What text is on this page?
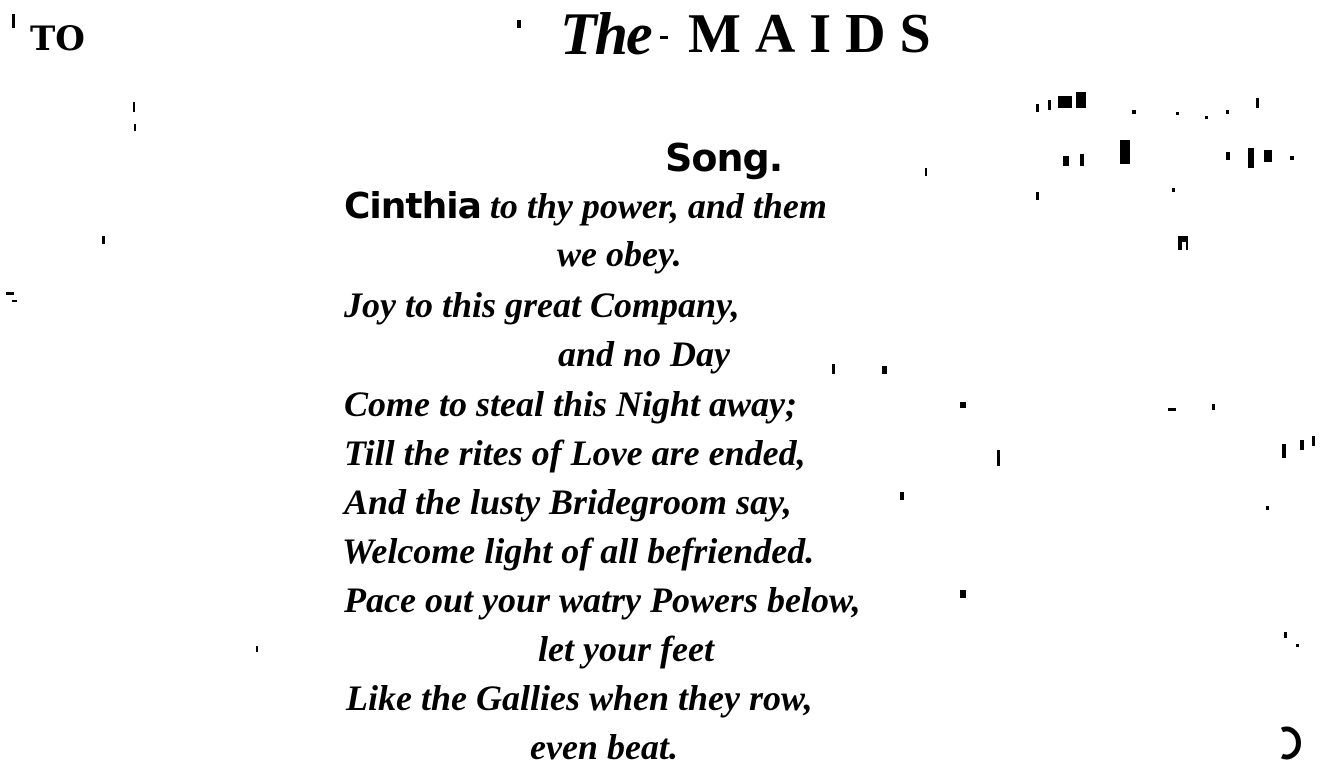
TO	The MAIDS
Song.
Cinthia to thy power, and them
we obey.
Joy to this great Company,
and no Day
Come to steal this Night away;
Till the rites of Love are ended,
And the lusty Bridegroom say,
Welcome light of all befriended.
Pace out your watry Powers below,
let your feet
Like the Gallies when they row,
even beat.
